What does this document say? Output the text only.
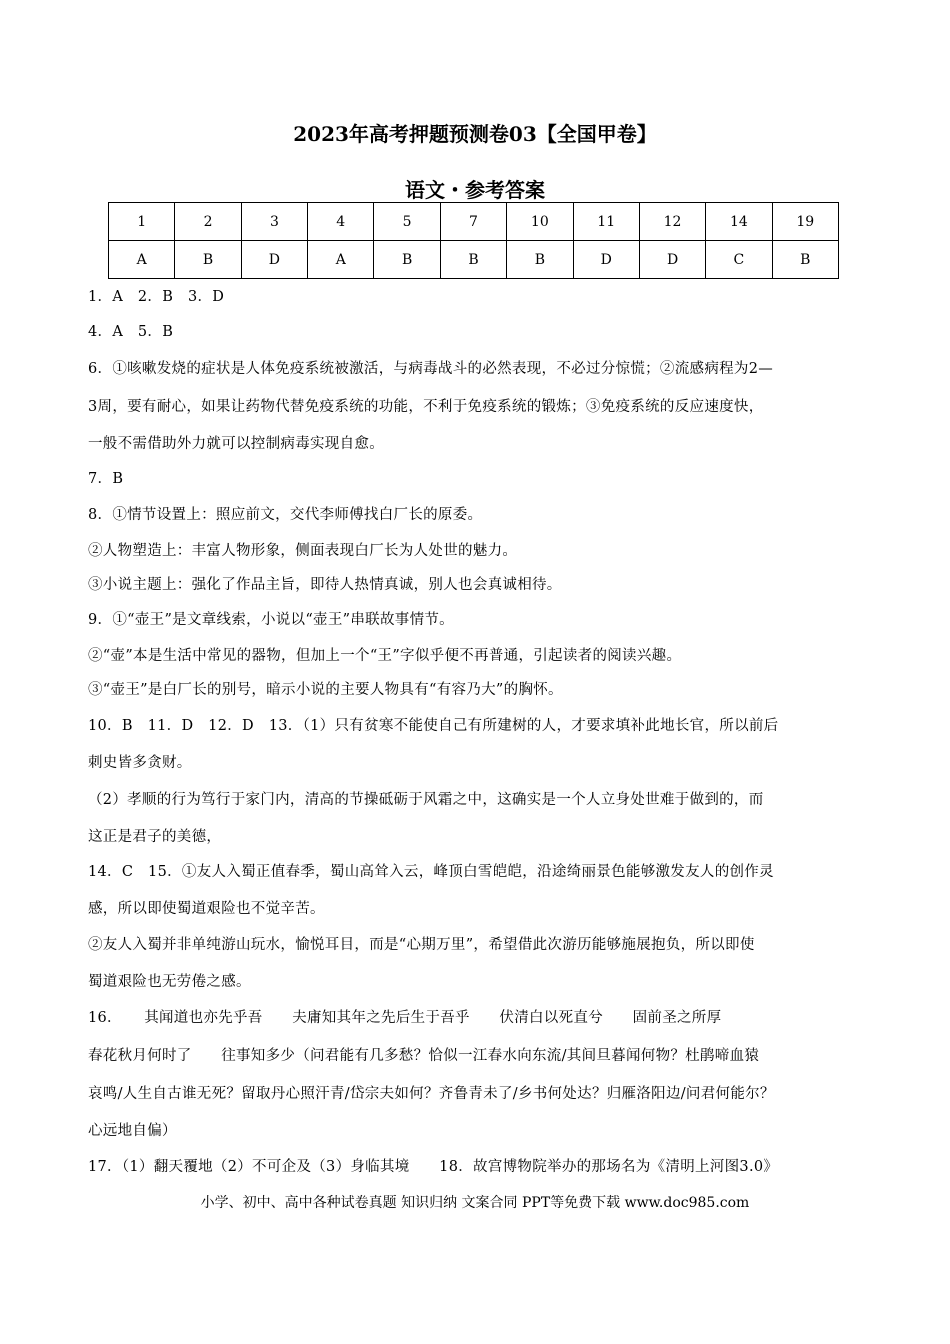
2023年高考押题预测卷03【全国甲卷】
语文・参考答案
1	2	3	4	5	7	10	11	12	14	19
A	B	D	A	B	B	B	D	D	C	B
1．A　2．B　3．D
4．A　5．B
6．①咳嗽发烧的症状是人体免疫系统被激活，与病毒战斗的必然表现，不必过分惊慌；②流感病程为2—
3周，要有耐心，如果让药物代替免疫系统的功能，不利于免疫系统的锻炼；③免疫系统的反应速度快，
一般不需借助外力就可以控制病毒实现自愈。
7．B
8．①情节设置上：照应前文，交代李师傅找白厂长的原委。
②人物塑造上：丰富人物形象，侧面表现白厂长为人处世的魅力。
③小说主题上：强化了作品主旨，即待人热情真诚，别人也会真诚相待。
9．①“壶王”是文章线索，小说以“壶王”串联故事情节。
②“壶”本是生活中常见的器物，但加上一个“王”字似乎便不再普通，引起读者的阅读兴趣。
③“壶王”是白厂长的别号，暗示小说的主要人物具有“有容乃大”的胸怀。
10．B　11．D　12．D　13．（1）只有贫寒不能使自己有所建树的人，才要求填补此地长官，所以前后
刺史皆多贪财。
（2）孝顺的行为笃行于家门内，清高的节操砥砺于风霜之中，这确实是一个人立身处世难于做到的，而
这正是君子的美德，
14．C　15．①友人入蜀正值春季，蜀山高耸入云，峰顶白雪皑皑，沿途绮丽景色能够激发友人的创作灵
感，所以即使蜀道艰险也不觉辛苦。
②友人入蜀并非单纯游山玩水，愉悦耳目，而是“心期万里”，希望借此次游历能够施展抱负，所以即使
蜀道艰险也无劳倦之感。
16．　　其闻道也亦先乎吾　　夫庸知其年之先后生于吾乎　　伏清白以死直兮　　固前圣之所厚
春花秋月何时了　　往事知多少（问君能有几多愁？恰似一江春水向东流/其间旦暮闻何物？杜鹃啼血猿
哀鸣/人生自古谁无死？留取丹心照汗青/岱宗夫如何？齐鲁青未了/乡书何处达？归雁洛阳边/问君何能尔？
心远地自偏）
17．（1）翻天覆地（2）不可企及（3）身临其境　　18．故宫博物院举办的那场名为《清明上河图3.0》
小学、初中、高中各种试卷真题 知识归纳 文案合同 PPT等免费下载 www.doc985.com
